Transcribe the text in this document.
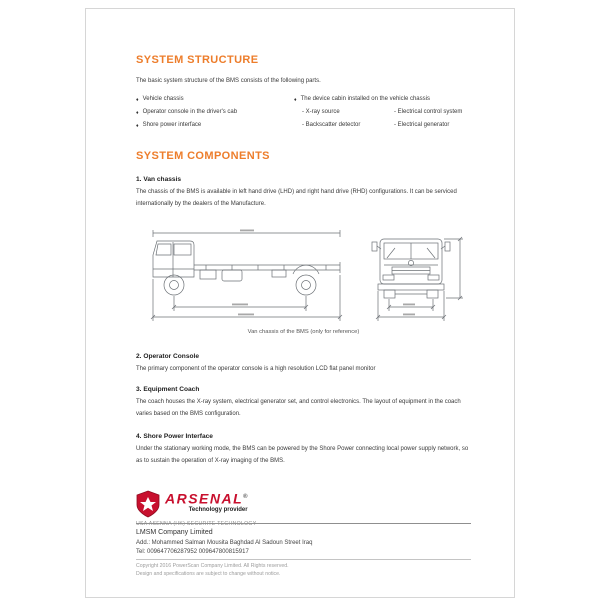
SYSTEM STRUCTURE
The basic system structure of the BMS consists of the following parts.
♦ Vehicle chassis
♦ Operator console in the driver's cab
♦ Shore power interface
♦ The device cabin installed on the vehicle chassis
- X-ray source	- Electrical control system
- Backscatter detector	- Electrical generator
SYSTEM COMPONENTS
1. Van chassis
The chassis of the BMS is available in left hand drive (LHD) and right hand drive (RHD) configurations. It can be serviced internationally by the dealers of the Manufacture.
Van chassis of the BMS (only for reference)
2. Operator Console
The primary component of the operator console is a high resolution LCD flat panel monitor
3. Equipment Coach
The coach houses the X-ray system, electrical generator set, and control electronics. The layout of equipment in the coach varies based on the BMS configuration.
4. Shore Power Interface
Under the stationary working mode, the BMS can be powered by the Shore Power connecting local power supply network, so as to sustain the operation of X-ray imaging of the BMS.
ARSENAL®
Technology provider
USA ASENNA (HK) SECURITE TECHNOLOGY
LMSM Company Limited
Add.: Mohammed Salman Mousita Baghdad Al Sadoun Street Iraq
Tel: 009647706287952 009647800815917
Copyright 2016 PowerScan Company Limited. All Rights reserved.
Design and specifications are subject to change without notice.
